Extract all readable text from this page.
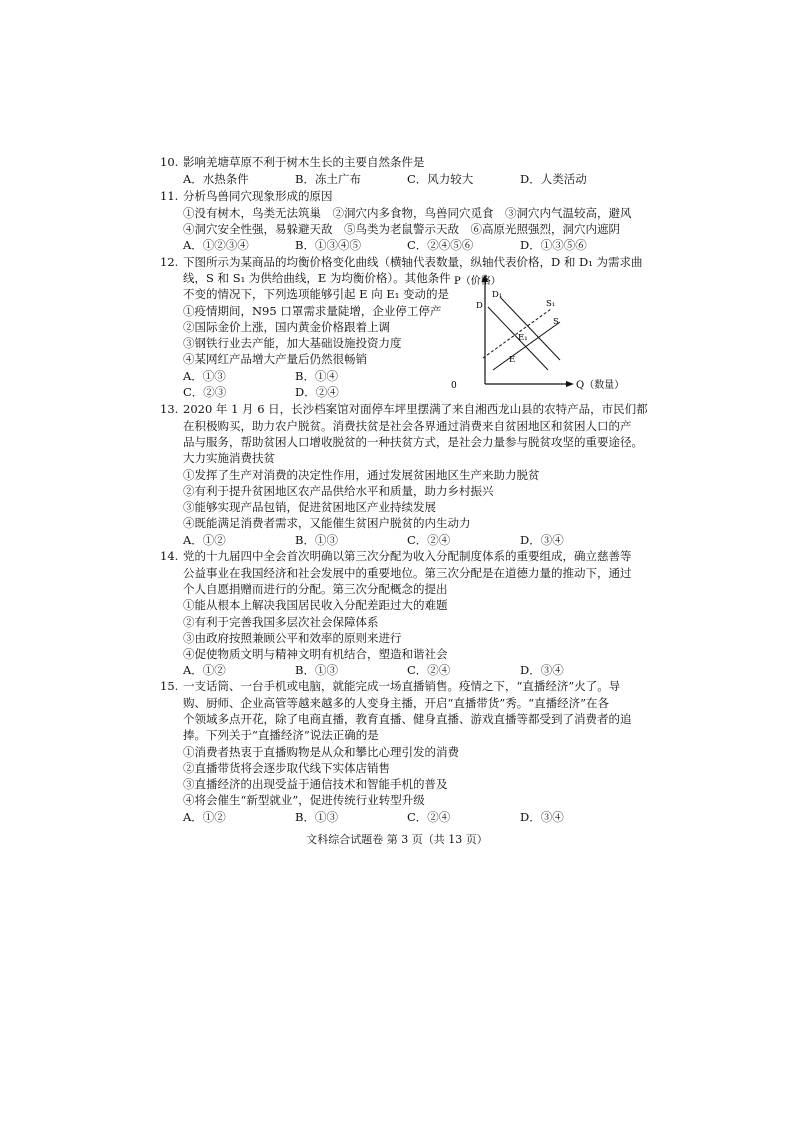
10. 影响羌塘草原不利于树木生长的主要自然条件是
A．水热条件	B．冻土广布	C．风力较大	D．人类活动
11. 分析鸟兽同穴现象形成的原因
①没有树木，鸟类无法筑巢　②洞穴内多食物，鸟兽同穴觅食　③洞穴内气温较高，避风
④洞穴安全性强，易躲避天敌　⑤鸟类为老鼠警示天敌　⑥高原光照强烈，洞穴内遮阴
A．①②③④	B．①③④⑤	C．②④⑤⑥	D．①③⑤⑥
12. 下图所示为某商品的均衡价格变化曲线（横轴代表数量，纵轴代表价格，D 和 D₁ 为需求曲
线，S 和 S₁ 为供给曲线，E 为均衡价格）。其他条件
不变的情况下，下列选项能够引起 E 向 E₁ 变动的是
①疫情期间，N95 口罩需求量陡增，企业停工停产
②国际金价上涨，国内黄金价格跟着上调
③钢铁行业去产能，加大基础设施投资力度
④某网红产品增大产量后仍然很畅销
A．①③	B．①④
C．②③	D．②④
P（价格）
Q（数量）
0
D
D₁
S₁
S
E₁
E
13. 2020 年 1 月 6 日，长沙档案馆对面停车坪里摆满了来自湘西龙山县的农特产品，市民们都
在积极购买，助力农户脱贫。消费扶贫是社会各界通过消费来自贫困地区和贫困人口的产
品与服务，帮助贫困人口增收脱贫的一种扶贫方式，是社会力量参与脱贫攻坚的重要途径。
大力实施消费扶贫
①发挥了生产对消费的决定性作用，通过发展贫困地区生产来助力脱贫
②有利于提升贫困地区农产品供给水平和质量，助力乡村振兴
③能够实现产品包销，促进贫困地区产业持续发展
④既能满足消费者需求，又能催生贫困户脱贫的内生动力
A．①②	B．①③	C．②④	D．③④
14. 党的十九届四中全会首次明确以第三次分配为收入分配制度体系的重要组成，确立慈善等
公益事业在我国经济和社会发展中的重要地位。第三次分配是在道德力量的推动下，通过
个人自愿捐赠而进行的分配。第三次分配概念的提出
①能从根本上解决我国居民收入分配差距过大的难题
②有利于完善我国多层次社会保障体系
③由政府按照兼顾公平和效率的原则来进行
④促使物质文明与精神文明有机结合，塑造和谐社会
A．①②	B．①③	C．②④	D．③④
15. 一支话筒、一台手机或电脑，就能完成一场直播销售。疫情之下，“直播经济”火了。导
购、厨师、企业高管等越来越多的人变身主播，开启“直播带货”秀。“直播经济”在各
个领域多点开花，除了电商直播，教育直播、健身直播、游戏直播等都受到了消费者的追
捧。下列关于“直播经济”说法正确的是
①消费者热衷于直播购物是从众和攀比心理引发的消费
②直播带货将会逐步取代线下实体店销售
③直播经济的出现受益于通信技术和智能手机的普及
④将会催生“新型就业”，促进传统行业转型升级
A．①②	B．①③	C．②④	D．③④
文科综合试题卷 第 3 页（共 13 页）
